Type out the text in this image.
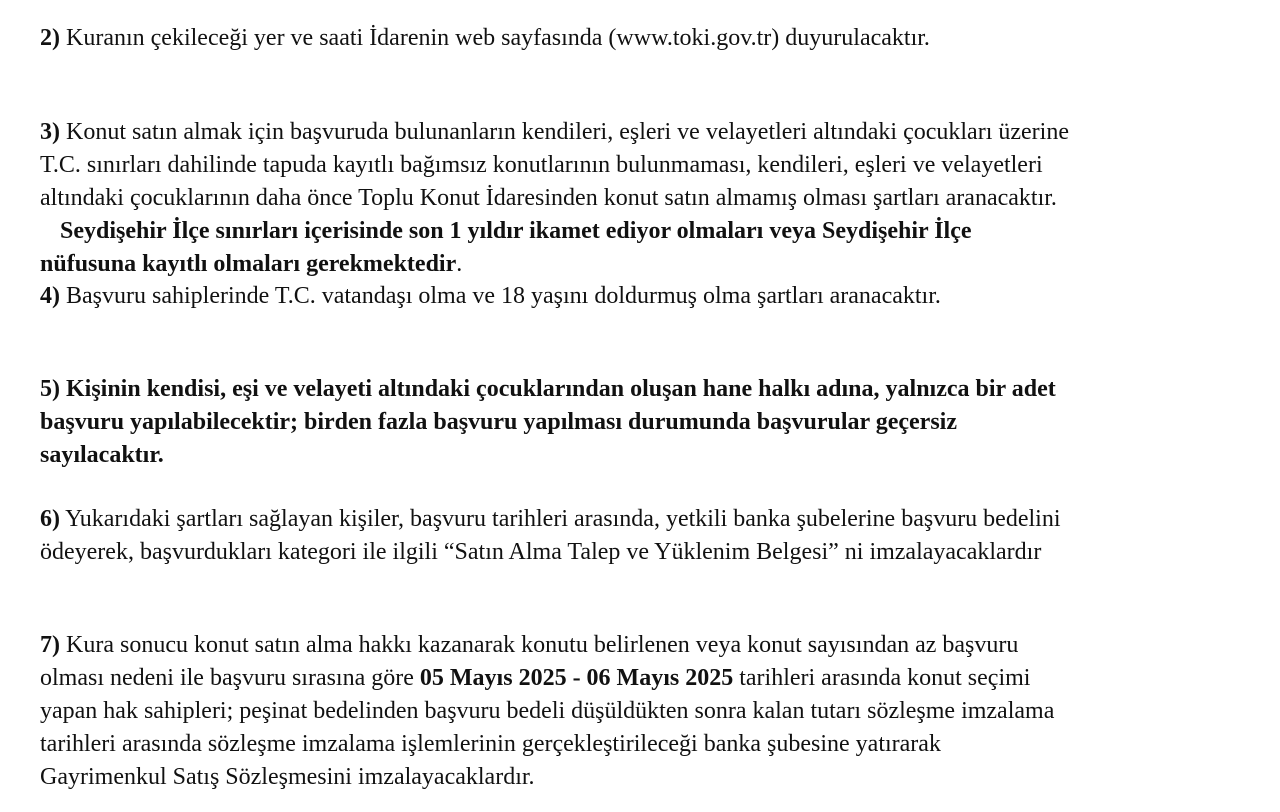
2) Kuranın çekileceği yer ve saati İdarenin web sayfasında (www.toki.gov.tr) duyurulacaktır.
3) Konut satın almak için başvuruda bulunanların kendileri, eşleri ve velayetleri altındaki çocukları üzerine
T.C. sınırları dahilinde tapuda kayıtlı bağımsız konutlarının bulunmaması, kendileri, eşleri ve velayetleri
altındaki çocuklarının daha önce Toplu Konut İdaresinden konut satın almamış olması şartları aranacaktır.
Seydişehir İlçe sınırları içerisinde son 1 yıldır ikamet ediyor olmaları veya Seydişehir İlçe
nüfusuna kayıtlı olmaları gerekmektedir.
4) Başvuru sahiplerinde T.C. vatandaşı olma ve 18 yaşını doldurmuş olma şartları aranacaktır.
5) Kişinin kendisi, eşi ve velayeti altındaki çocuklarından oluşan hane halkı adına, yalnızca bir adet
başvuru yapılabilecektir; birden fazla başvuru yapılması durumunda başvurular geçersiz
sayılacaktır.
6) Yukarıdaki şartları sağlayan kişiler, başvuru tarihleri arasında, yetkili banka şubelerine başvuru bedelini
ödeyerek, başvurdukları kategori ile ilgili “Satın Alma Talep ve Yüklenim Belgesi” ni imzalayacaklardır
7) Kura sonucu konut satın alma hakkı kazanarak konutu belirlenen veya konut sayısından az başvuru
olması nedeni ile başvuru sırasına göre 05 Mayıs 2025 - 06 Mayıs 2025 tarihleri arasında konut seçimi
yapan hak sahipleri; peşinat bedelinden başvuru bedeli düşüldükten sonra kalan tutarı sözleşme imzalama
tarihleri arasında sözleşme imzalama işlemlerinin gerçekleştirileceği banka şubesine yatırarak
Gayrimenkul Satış Sözleşmesini imzalayacaklardır.
